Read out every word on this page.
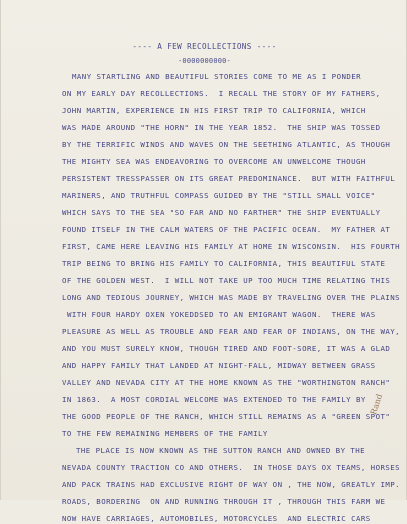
---- A FEW RECOLLECTIONS ----
-0000000000-
MANY STARTLING AND BEAUTIFUL STORIES COME TO ME AS I PONDER
ON MY EARLY DAY RECOLLECTIONS.  I RECALL THE STORY OF MY FATHERS,
JOHN MARTIN, EXPERIENCE IN HIS FIRST TRIP TO CALIFORNIA, WHICH
WAS MADE AROUND "THE HORN" IN THE YEAR 1852.  THE SHIP WAS TOSSED
BY THE TERRIFIC WINDS AND WAVES ON THE SEETHING ATLANTIC, AS THOUGH
THE MIGHTY SEA WAS ENDEAVORING TO OVERCOME AN UNWELCOME THOUGH
PERSISTENT TRESSPASSER ON ITS GREAT PREDOMINANCE.  BUT WITH FAITHFUL
MARINERS, AND TRUTHFUL COMPASS GUIDED BY THE "STILL SMALL VOICE"
WHICH SAYS TO THE SEA "SO FAR AND NO FARTHER" THE SHIP EVENTUALLY
FOUND ITSELF IN THE CALM WATERS OF THE PACIFIC OCEAN.  MY FATHER AT
FIRST, CAME HERE LEAVING HIS FAMILY AT HOME IN WISCONSIN.  HIS FOURTH
TRIP BEING TO BRING HIS FAMILY TO CALIFORNIA, THIS BEAUTIFUL STATE
OF THE GOLDEN WEST.  I WILL NOT TAKE UP TOO MUCH TIME RELATING THIS
LONG AND TEDIOUS JOURNEY, WHICH WAS MADE BY TRAVELING OVER THE PLAINS
WITH FOUR HARDY OXEN YOKEDDSED TO AN EMIGRANT WAGON.  THERE WAS
PLEASURE AS WELL AS TROUBLE AND FEAR AND FEAR OF INDIANS, ON THE WAY,
AND YOU MUST SURELY KNOW, THOUGH TIRED AND FOOT-SORE, IT WAS A GLAD
AND HAPPY FAMILY THAT LANDED AT NIGHT-FALL, MIDWAY BETWEEN GRASS
VALLEY AND NEVADA CITY AT THE HOME KNOWN AS THE "WORTHINGTON RANCH"
IN 1863.  A MOST CORDIAL WELCOME WAS EXTENDED TO THE FAMILY BY
THE GOOD PEOPLE OF THE RANCH, WHICH STILL REMAINS AS A "GREEN SPOT"
TO THE FEW REMAINING MEMBERS OF THE FAMILY
THE PLACE IS NOW KNOWN AS THE SUTTON RANCH AND OWNED BY THE
NEVADA COUNTY TRACTION CO AND OTHERS.  IN THOSE DAYS OX TEAMS, HORSES
AND PACK TRAINS HAD EXCLUSIVE RIGHT OF WAY ON , THE NOW, GREATLY IMP.
ROADS, BORDERING  ON AND RUNNING THROUGH IT , THROUGH THIS FARM WE
NOW HAVE CARRIAGES, AUTOMOBILES, MOTORCYCLES  AND ELECTRIC CARS
Rand
